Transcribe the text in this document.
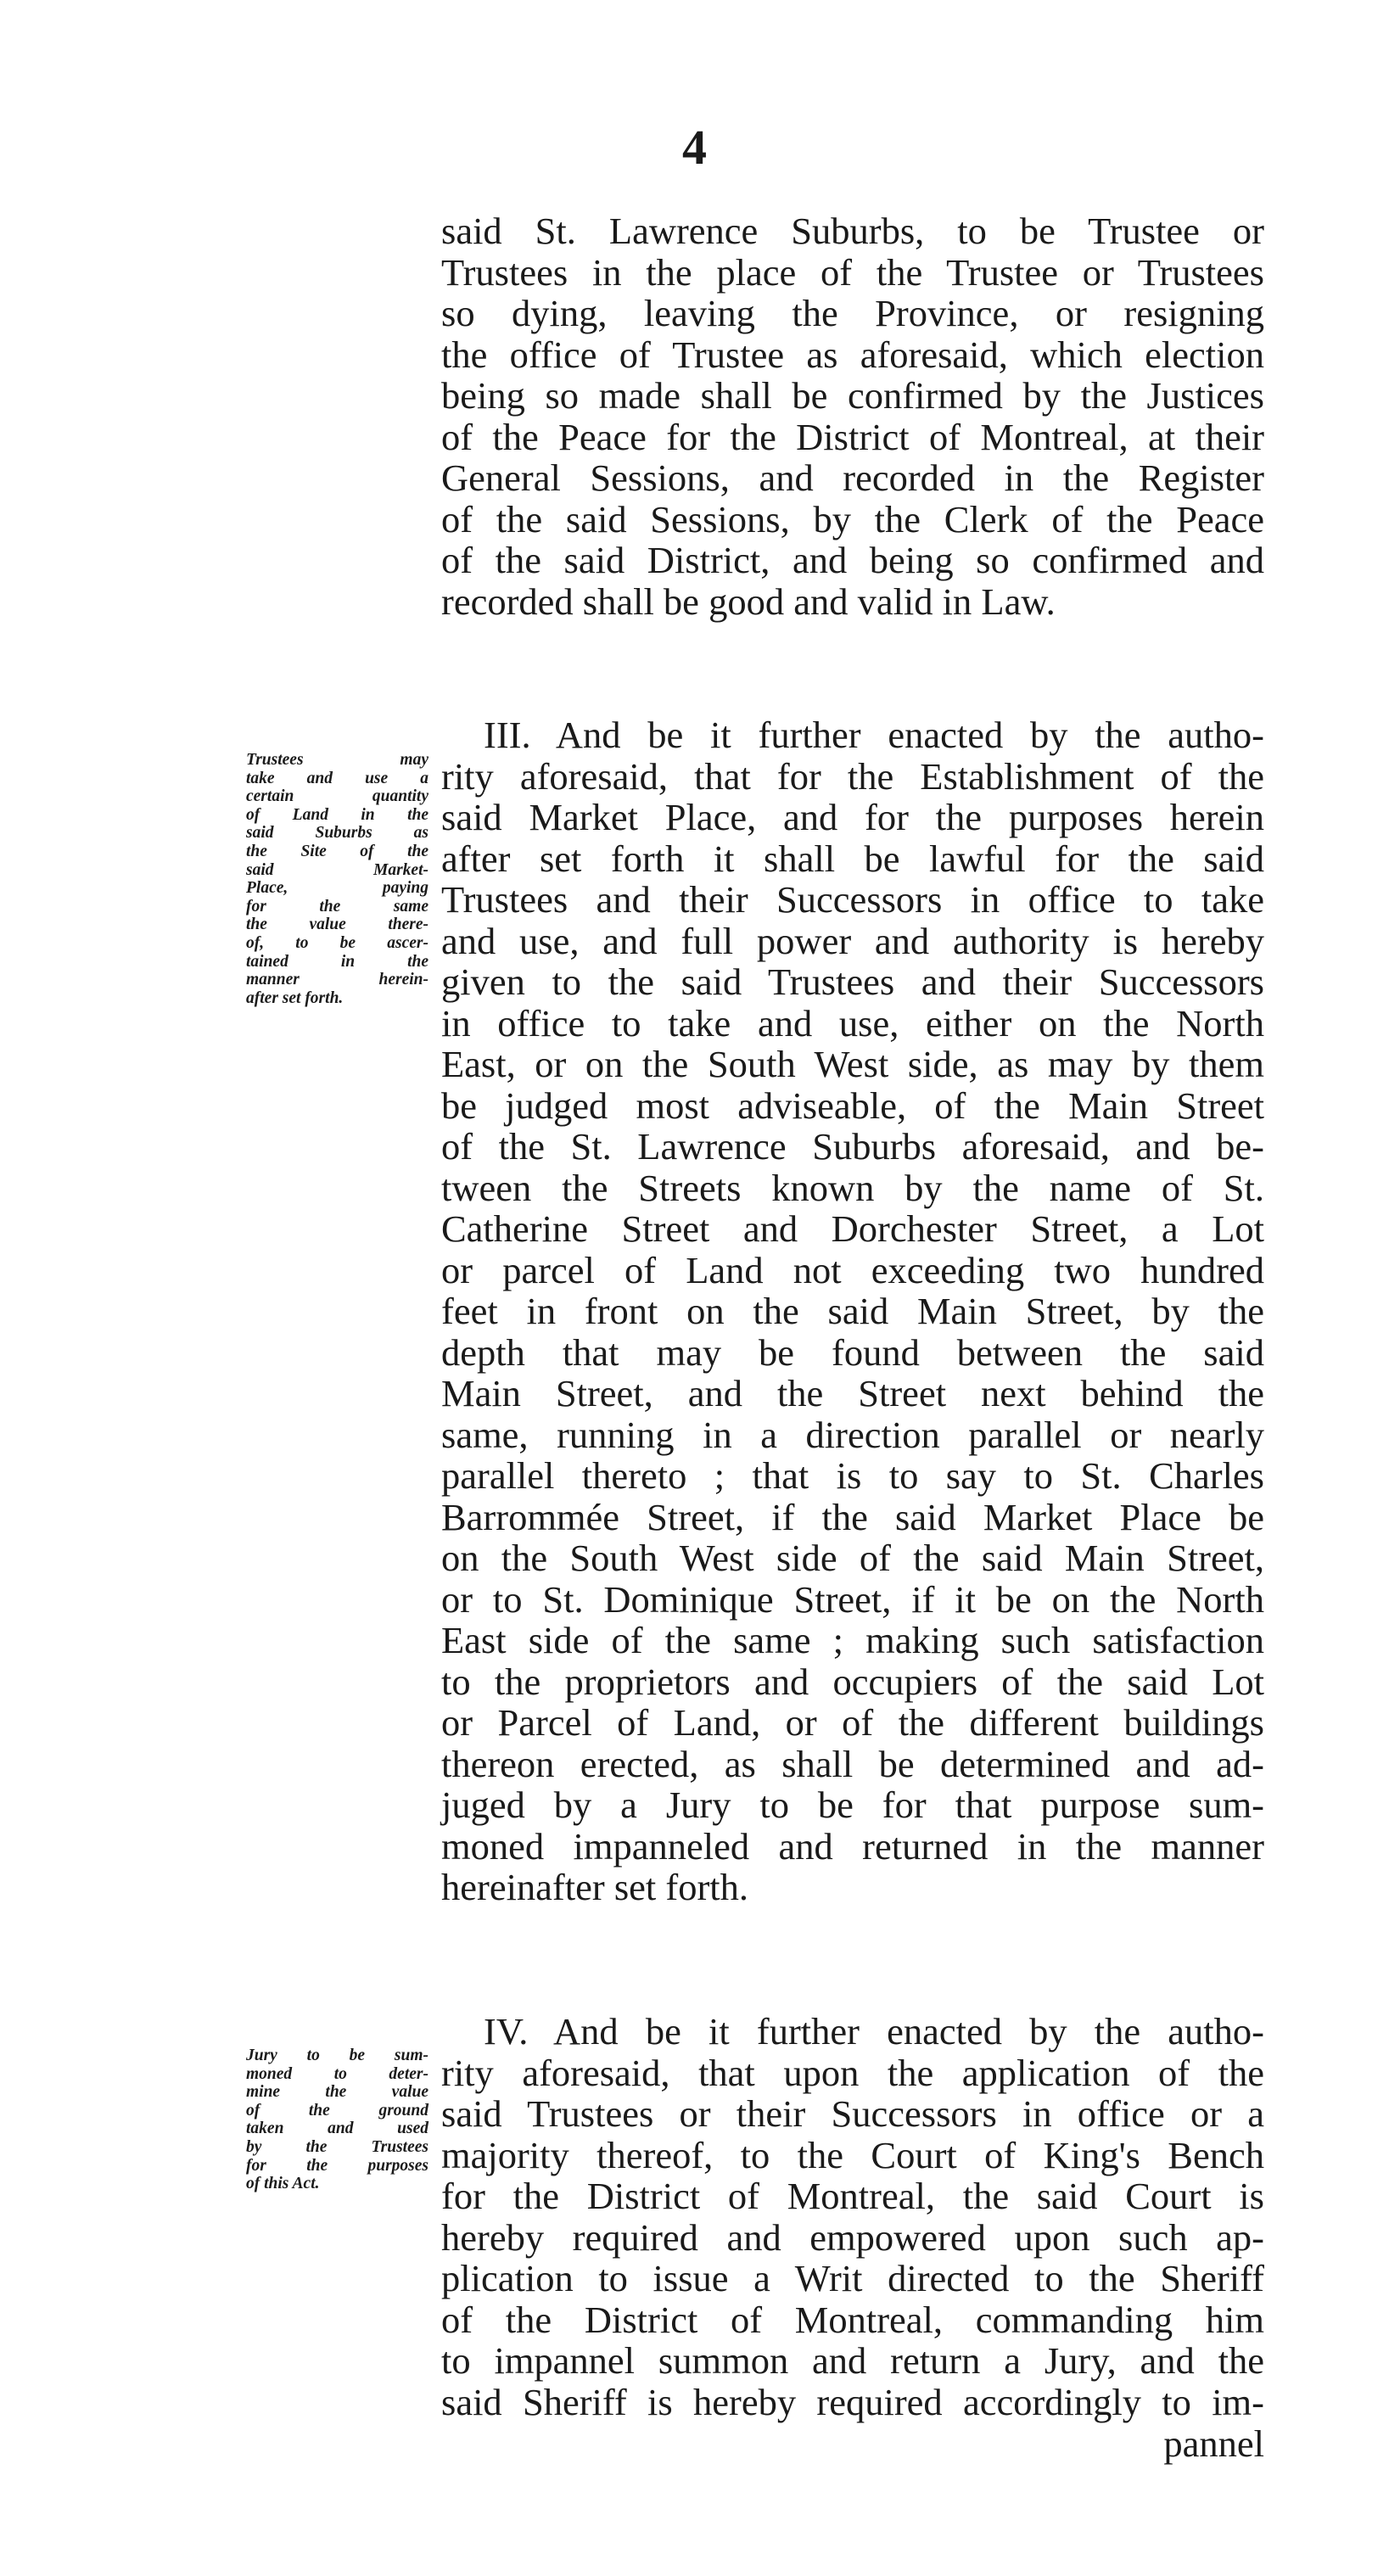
4
said St. Lawrence Suburbs, to be Trustee or
Trustees in the place of the Trustee or Trustees
so dying, leaving the Province, or resigning
the office of Trustee as aforesaid, which election
being so made shall be confirmed by the Justices
of the Peace for the District of Montreal, at their
General Sessions, and recorded in the Register
of the said Sessions, by the Clerk of the Peace
of the said District, and being so confirmed and
recorded shall be good and valid in Law.
Trustees may
take and use a
certain quantity
of Land in the
said Suburbs as
the Site of the
said Market-
Place, paying
for the same
the value there-
of, to be ascer-
tained in the
manner herein-
after set forth.
III. And be it further enacted by the autho-
rity aforesaid, that for the Establishment of the
said Market Place, and for the purposes herein
after set forth it shall be lawful for the said
Trustees and their Successors in office to take
and use, and full power and authority is hereby
given to the said Trustees and their Successors
in office to take and use, either on the North
East, or on the South West side, as may by them
be judged most adviseable, of the Main Street
of the St. Lawrence Suburbs aforesaid, and be-
tween the Streets known by the name of St.
Catherine Street and Dorchester Street, a Lot
or parcel of Land not exceeding two hundred
feet in front on the said Main Street, by the
depth that may be found between the said
Main Street, and the Street next behind the
same, running in a direction parallel or nearly
parallel thereto ; that is to say to St. Charles
Barrommée Street, if the said Market Place be
on the South West side of the said Main Street,
or to St. Dominique Street, if it be on the North
East side of the same ; making such satisfaction
to the proprietors and occupiers of the said Lot
or Parcel of Land, or of the different buildings
thereon erected, as shall be determined and ad-
juged by a Jury to be for that purpose sum-
moned impanneled and returned in the manner
hereinafter set forth.
Jury to be sum-
moned to deter-
mine the value
of the ground
taken and used
by the Trustees
for the purposes
of this Act.
IV. And be it further enacted by the autho-
rity aforesaid, that upon the application of the
said Trustees or their Successors in office or a
majority thereof, to the Court of King's Bench
for the District of Montreal, the said Court is
hereby required and empowered upon such ap-
plication to issue a Writ directed to the Sheriff
of the District of Montreal, commanding him
to impannel summon and return a Jury, and the
said Sheriff is hereby required accordingly to im-
pannel
